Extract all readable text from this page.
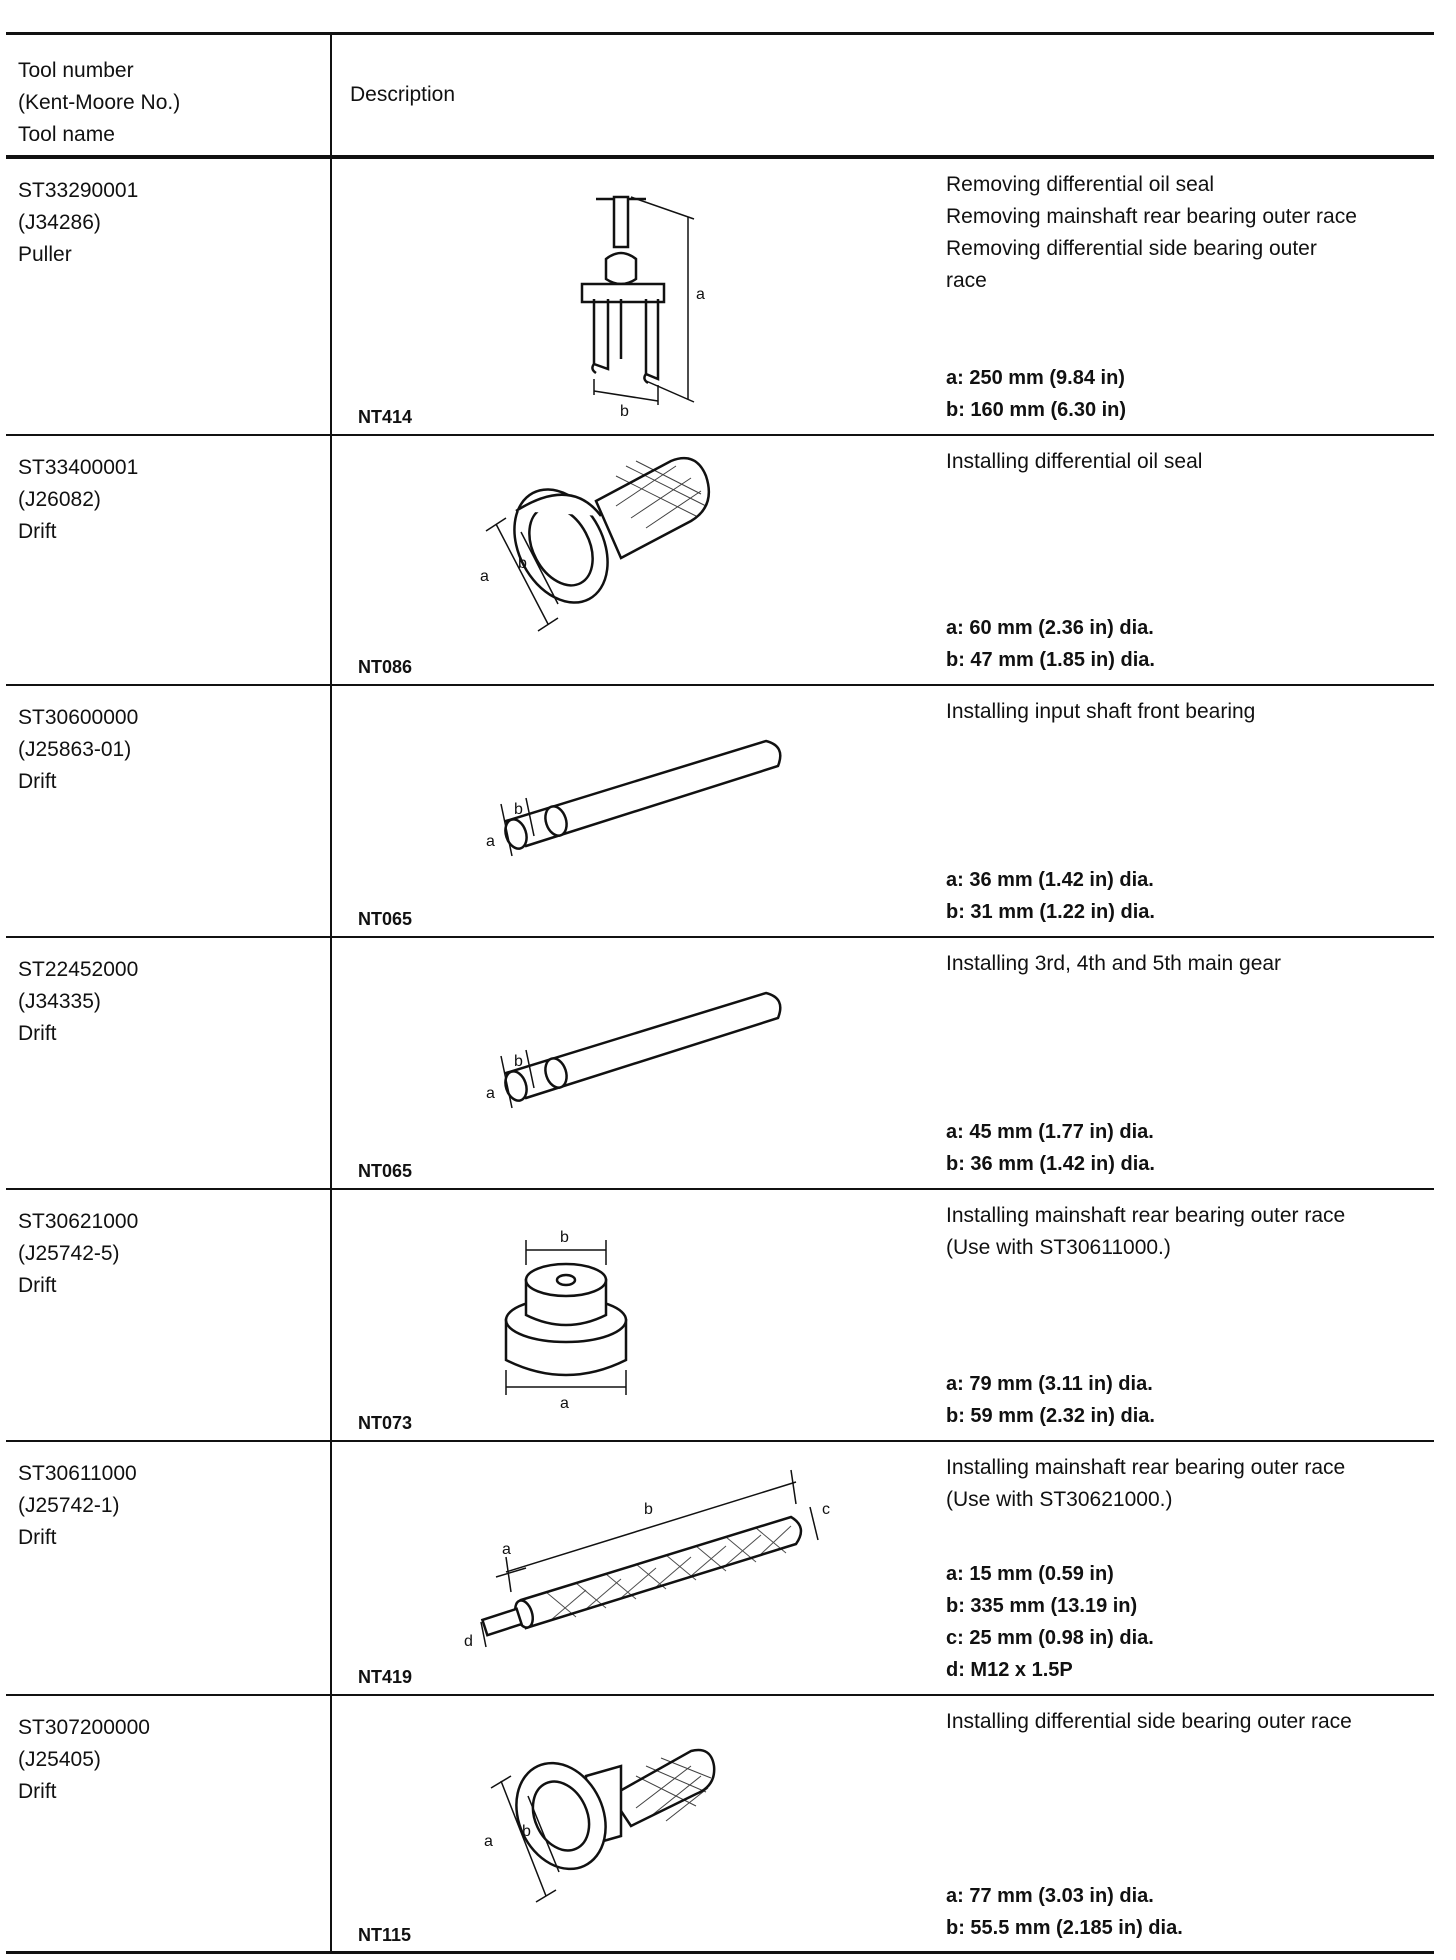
Tool number
(Kent-Moore No.)
Tool name
Description
ST33290001
(J34286)
Puller
a
b
NT414
Removing differential oil seal
Removing mainshaft rear bearing outer race
Removing differential side bearing outer
race
a: 250 mm (9.84 in)
b: 160 mm (6.30 in)
ST33400001
(J26082)
Drift
a
b
NT086
Installing differential oil seal
a: 60 mm (2.36 in) dia.
b: 47 mm (1.85 in) dia.
ST30600000
(J25863-01)
Drift
a
b
NT065
Installing input shaft front bearing
a: 36 mm (1.42 in) dia.
b: 31 mm (1.22 in) dia.
ST22452000
(J34335)
Drift
a
b
NT065
Installing 3rd, 4th and 5th main gear
a: 45 mm (1.77 in) dia.
b: 36 mm (1.42 in) dia.
ST30621000
(J25742-5)
Drift
b
a
NT073
Installing mainshaft rear bearing outer race
(Use with ST30611000.)
a: 79 mm (3.11 in) dia.
b: 59 mm (2.32 in) dia.
ST30611000
(J25742-1)
Drift
b
a
c
d
NT419
Installing mainshaft rear bearing outer race
(Use with ST30621000.)
a: 15 mm (0.59 in)
b: 335 mm (13.19 in)
c: 25 mm (0.98 in) dia.
d: M12 x 1.5P
ST307200000
(J25405)
Drift
a
b
NT115
Installing differential side bearing outer race
a: 77 mm (3.03 in) dia.
b: 55.5 mm (2.185 in) dia.
